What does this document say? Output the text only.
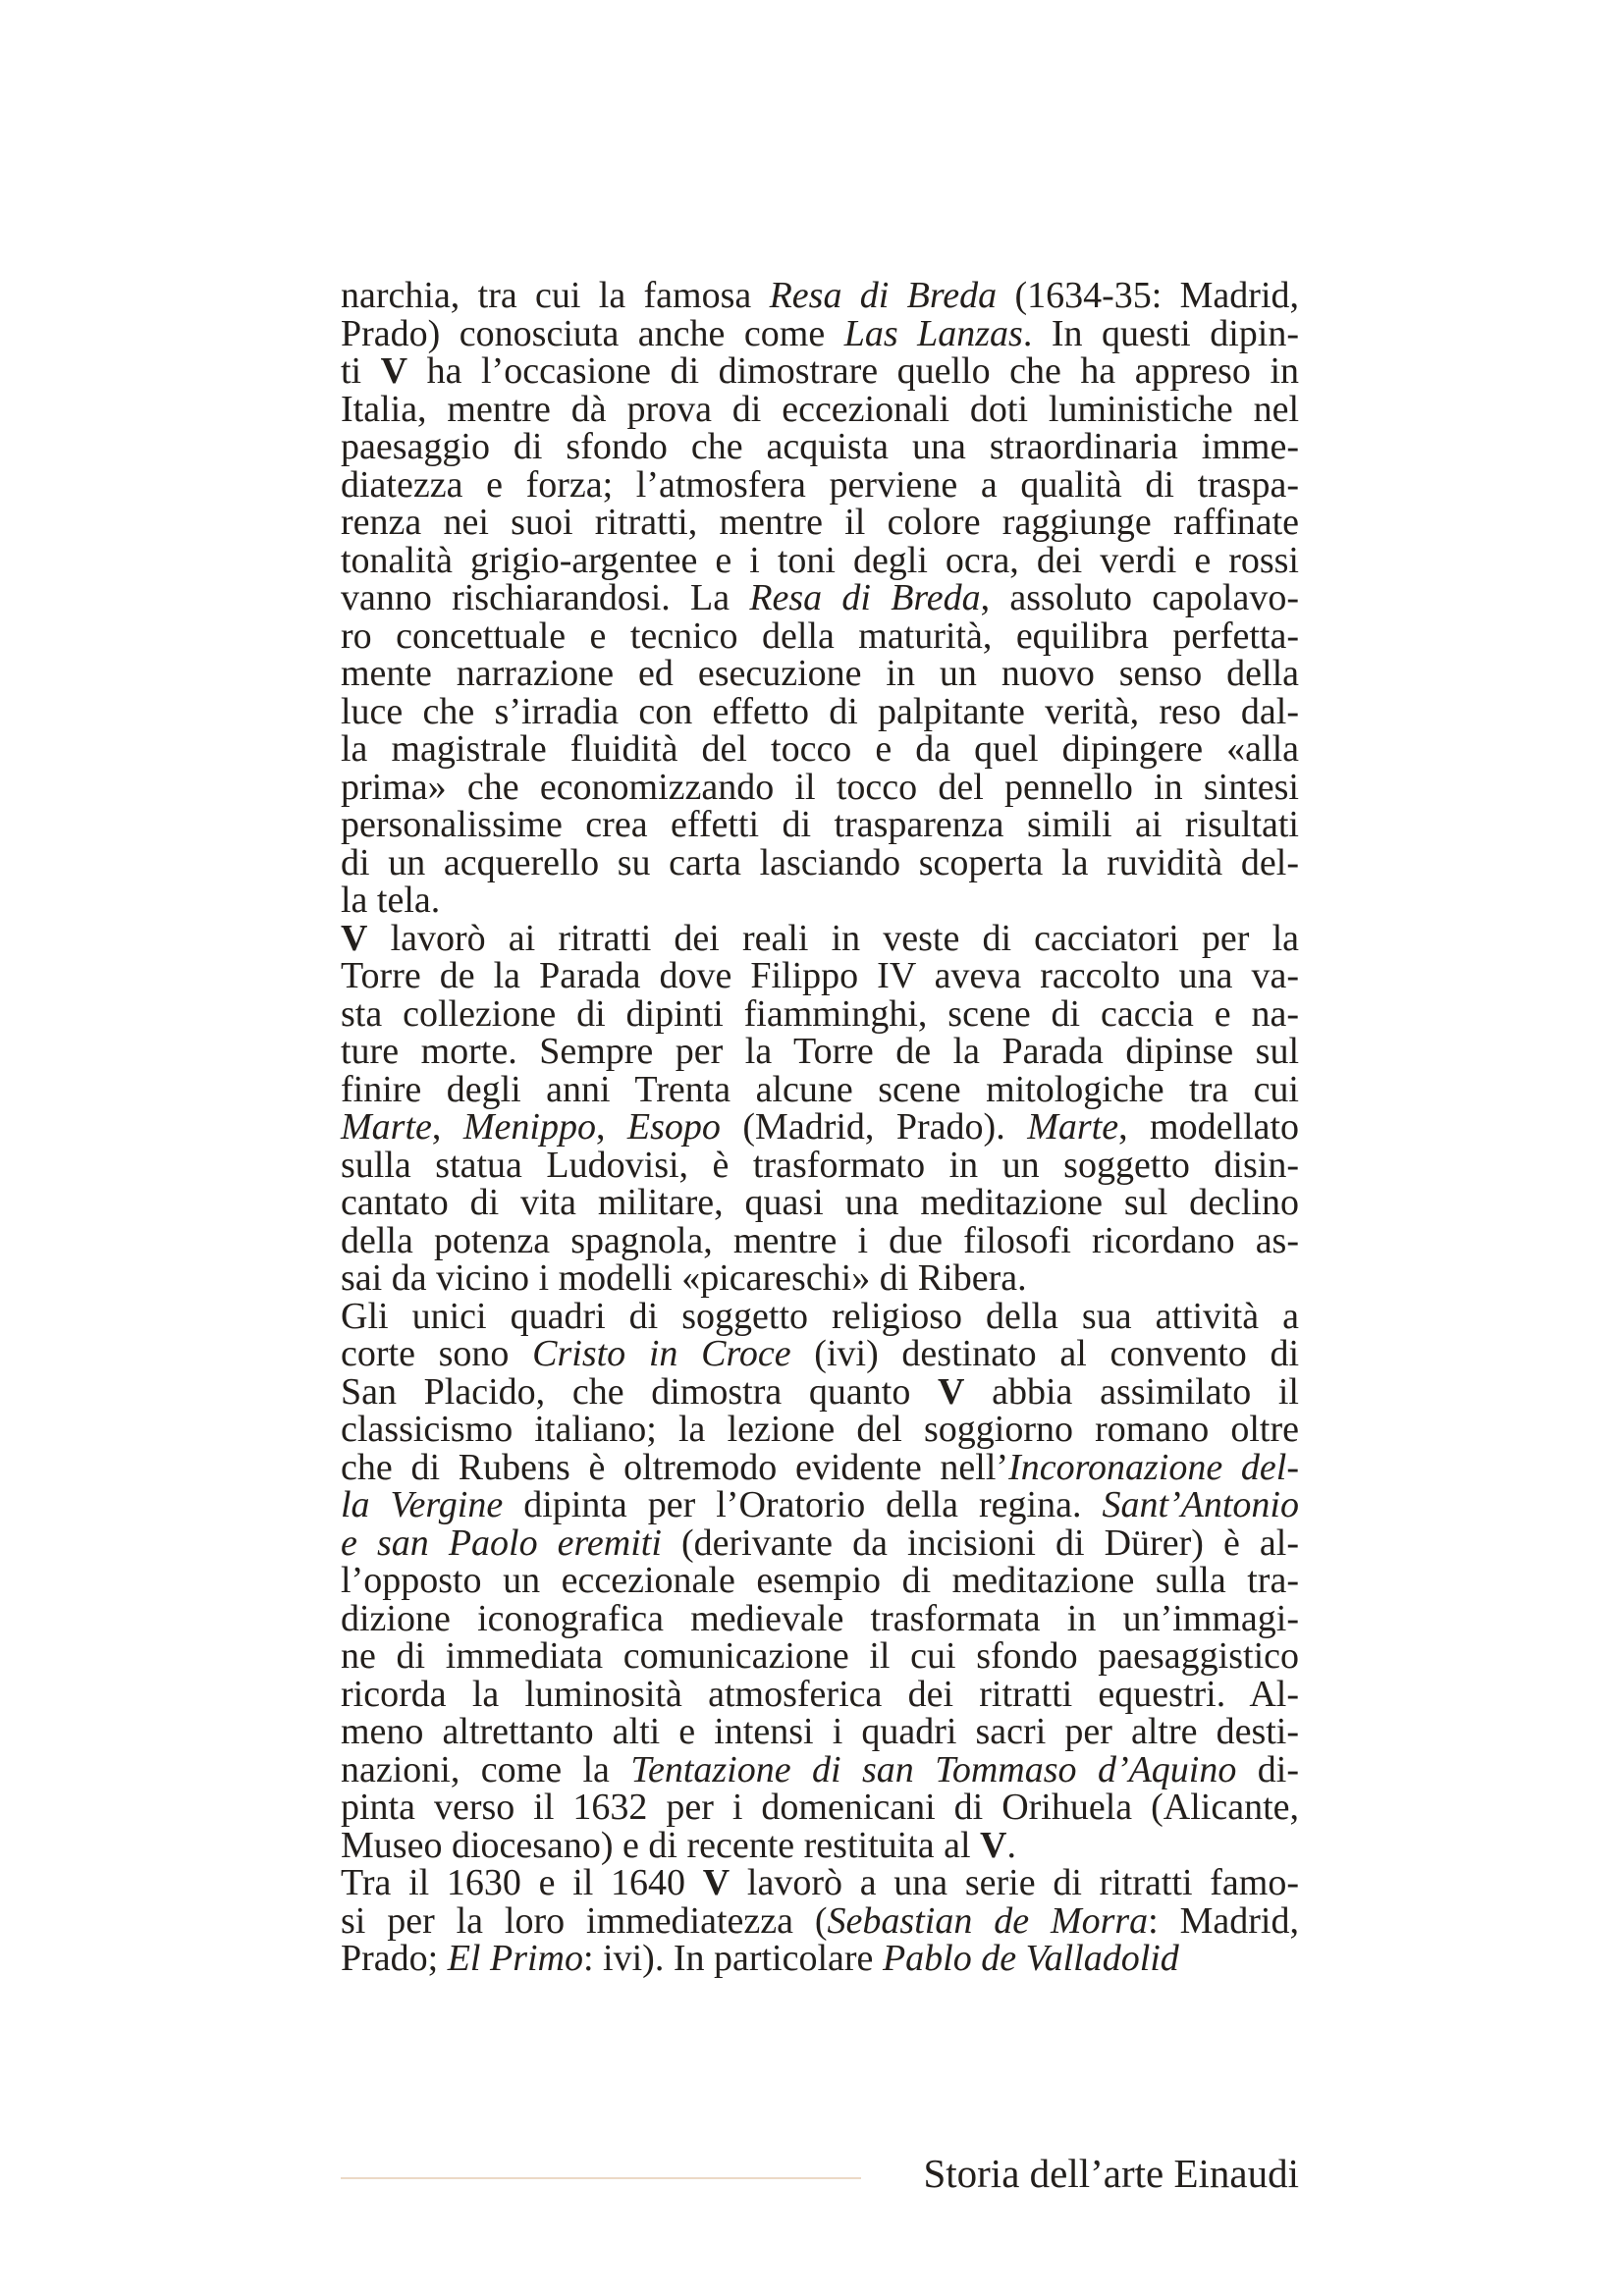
narchia, tra cui la famosa Resa di Breda (1634-35: Madrid,
Prado) conosciuta anche come Las Lanzas. In questi dipin-
ti V ha l’occasione di dimostrare quello che ha appreso in
Italia, mentre dà prova di eccezionali doti luministiche nel
paesaggio di sfondo che acquista una straordinaria imme-
diatezza e forza; l’atmosfera perviene a qualità di traspa-
renza nei suoi ritratti, mentre il colore raggiunge raffinate
tonalità grigio-argentee e i toni degli ocra, dei verdi e rossi
vanno rischiarandosi. La Resa di Breda, assoluto capolavo-
ro concettuale e tecnico della maturità, equilibra perfetta-
mente narrazione ed esecuzione in un nuovo senso della
luce che s’irradia con effetto di palpitante verità, reso dal-
la magistrale fluidità del tocco e da quel dipingere «alla
prima» che economizzando il tocco del pennello in sintesi
personalissime crea effetti di trasparenza simili ai risultati
di un acquerello su carta lasciando scoperta la ruvidità del-
la tela.
V lavorò ai ritratti dei reali in veste di cacciatori per la
Torre de la Parada dove Filippo IV aveva raccolto una va-
sta collezione di dipinti fiamminghi, scene di caccia e na-
ture morte. Sempre per la Torre de la Parada dipinse sul
finire degli anni Trenta alcune scene mitologiche tra cui
Marte, Menippo, Esopo (Madrid, Prado). Marte, modellato
sulla statua Ludovisi, è trasformato in un soggetto disin-
cantato di vita militare, quasi una meditazione sul declino
della potenza spagnola, mentre i due filosofi ricordano as-
sai da vicino i modelli «picareschi» di Ribera.
Gli unici quadri di soggetto religioso della sua attività a
corte sono Cristo in Croce (ivi) destinato al convento di
San Placido, che dimostra quanto V abbia assimilato il
classicismo italiano; la lezione del soggiorno romano oltre
che di Rubens è oltremodo evidente nell’Incoronazione del-
la Vergine dipinta per l’Oratorio della regina. Sant’Antonio
e san Paolo eremiti (derivante da incisioni di Dürer) è al-
l’opposto un eccezionale esempio di meditazione sulla tra-
dizione iconografica medievale trasformata in un’immagi-
ne di immediata comunicazione il cui sfondo paesaggistico
ricorda la luminosità atmosferica dei ritratti equestri. Al-
meno altrettanto alti e intensi i quadri sacri per altre desti-
nazioni, come la Tentazione di san Tommaso d’Aquino di-
pinta verso il 1632 per i domenicani di Orihuela (Alicante,
Museo diocesano) e di recente restituita al V.
Tra il 1630 e il 1640 V lavorò a una serie di ritratti famo-
si per la loro immediatezza (Sebastian de Morra: Madrid,
Prado; El Primo: ivi). In particolare Pablo de Valladolid
Storia dell’arte Einaudi
